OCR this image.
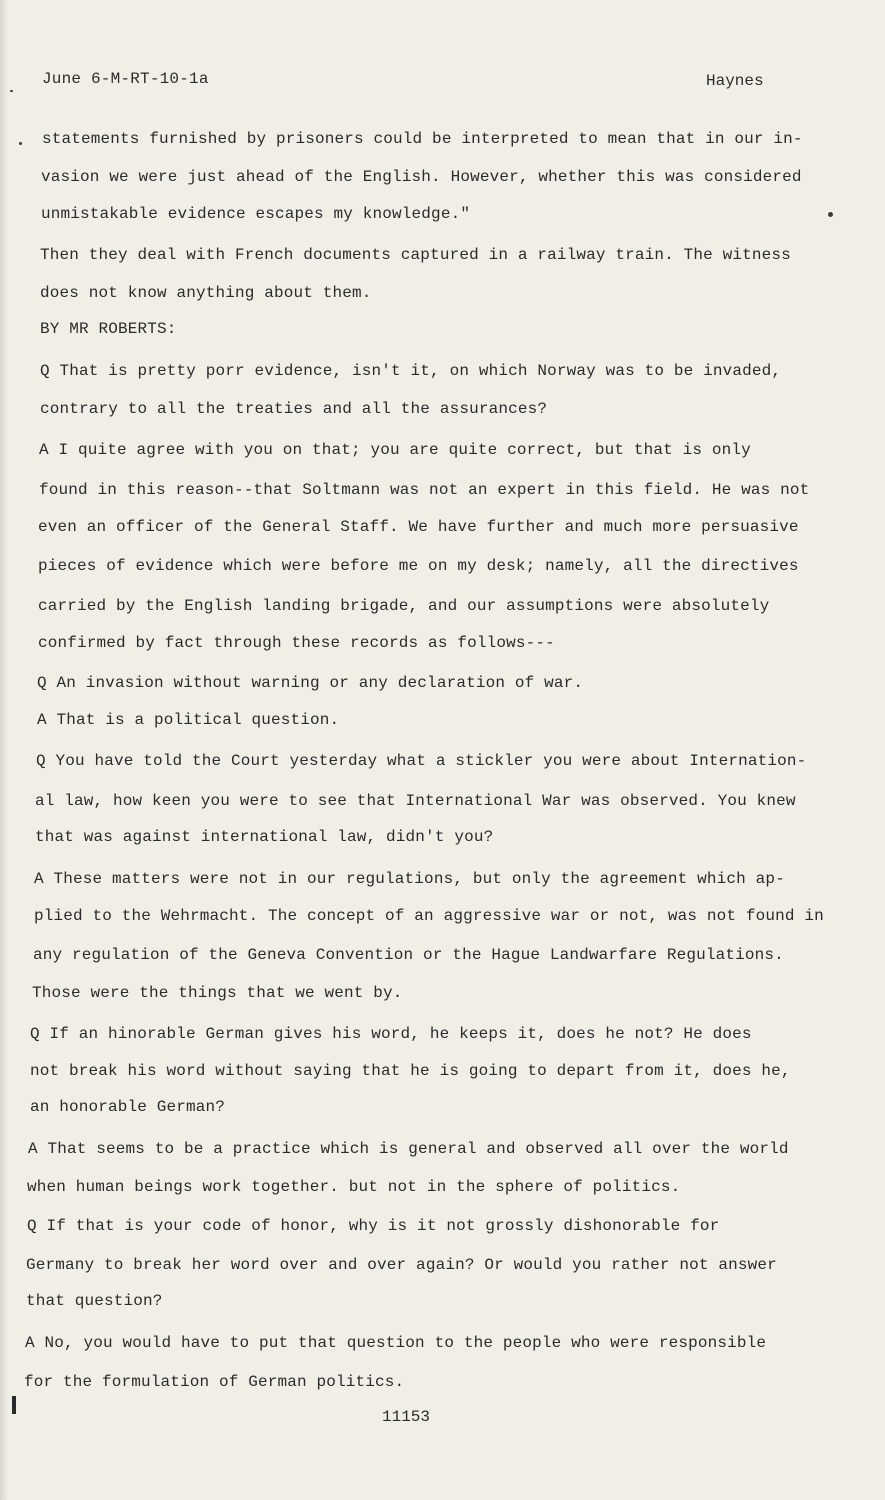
June 6-M-RT-10-1a	Haynes
statements furnished by prisoners could be interpreted to mean that in our in-
vasion we were just ahead of the English. However, whether this was considered
unmistakable evidence escapes my knowledge."
Then they deal with French documents captured in a railway train. The witness
does not know anything about them.
BY MR ROBERTS:
Q That is pretty porr evidence, isn't it, on which Norway was to be invaded,
contrary to all the treaties and all the assurances?
A I quite agree with you on that; you are quite correct, but that is only
found in this reason--that Soltmann was not an expert in this field. He was not
even an officer of the General Staff. We have further and much more persuasive
pieces of evidence which were before me on my desk; namely, all the directives
carried by the English landing brigade, and our assumptions were absolutely
confirmed by fact through these records as follows---
Q An invasion without warning or any declaration of war.
A That is a political question.
Q You have told the Court yesterday what a stickler you were about Internation-
al law, how keen you were to see that International War was observed. You knew
that was against international law, didn't you?
A These matters were not in our regulations, but only the agreement which ap-
plied to the Wehrmacht. The concept of an aggressive war or not, was not found in
any regulation of the Geneva Convention or the Hague Landwarfare Regulations.
Those were the things that we went by.
Q If an hinorable German gives his word, he keeps it, does he not? He does
not break his word without saying that he is going to depart from it, does he,
an honorable German?
A That seems to be a practice which is general and observed all over the world
when human beings work together. but not in the sphere of politics.
Q If that is your code of honor, why is it not grossly dishonorable for
Germany to break her word over and over again? Or would you rather not answer
that question?
A No, you would have to put that question to the people who were responsible
for the formulation of German politics.
11153
